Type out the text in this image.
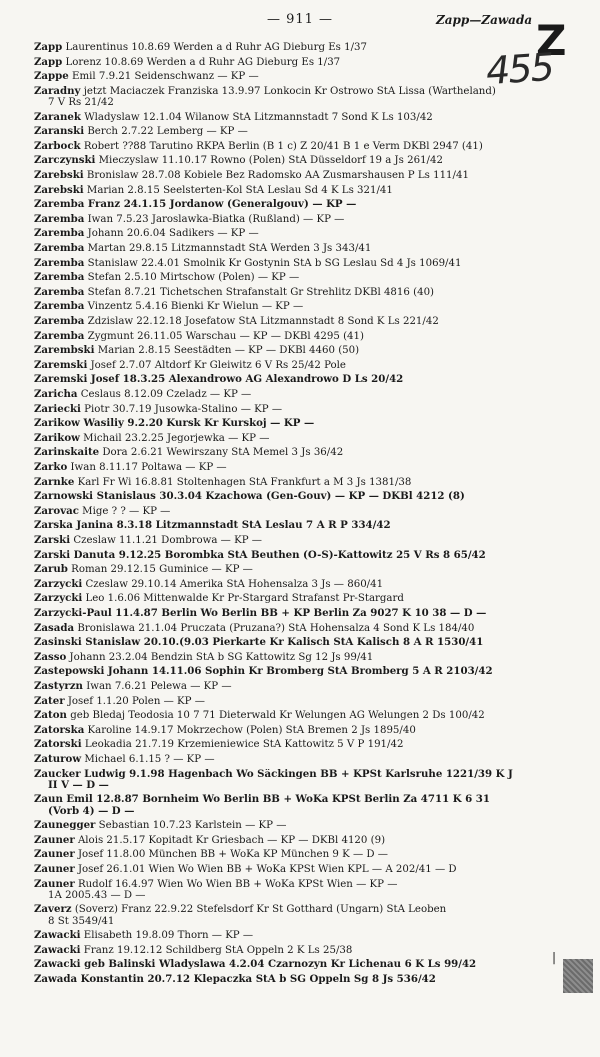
— 911 —	Zapp—Zawada Z
455
Zapp Laurentinus 10.8.69 Werden a d Ruhr AG Dieburg Es 1/37
Zapp Lorenz 10.8.69 Werden a d Ruhr AG Dieburg Es 1/37
Zappe Emil 7.9.21 Seidenschwanz — KP —
Zaradny jetzt Maciaczek Franziska 13.9.97 Lonkocin Kr Ostrowo StA Lissa (Wartheland)
7 V Rs 21/42
Zaranek Wladyslaw 12.1.04 Wilanow StA Litzmannstadt 7 Sond K Ls 103/42
Zaranski Berch 2.7.22 Lemberg — KP —
Zarbock Robert ??88 Tarutino RKPA Berlin (B 1 c) Z 20/41 B 1 e Verm DKBl 2947 (41)
Zarczynski Mieczyslaw 11.10.17 Rowno (Polen) StA Düsseldorf 19 a Js 261/42
Zarebski Bronislaw 28.7.08 Kobiele Bez Radomsko AA Zusmarshausen P Ls 111/41
Zarebski Marian 2.8.15 Seelsterten-Kol StA Leslau Sd 4 K Ls 321/41
Zaremba Franz 24.1.15 Jordanow (Generalgouv) — KP —
Zaremba Iwan 7.5.23 Jaroslawka-Biatka (Rußland) — KP —
Zaremba Johann 20.6.04 Sadikers — KP —
Zaremba Martan 29.8.15 Litzmannstadt StA Werden 3 Js 343/41
Zaremba Stanislaw 22.4.01 Smolnik Kr Gostynin StA b SG Leslau Sd 4 Js 1069/41
Zaremba Stefan 2.5.10 Mirtschow (Polen) — KP —
Zaremba Stefan 8.7.21 Tichetschen Strafanstalt Gr Strehlitz DKBl 4816 (40)
Zaremba Vinzentz 5.4.16 Bienki Kr Wielun — KP —
Zaremba Zdzislaw 22.12.18 Josefatow StA Litzmannstadt 8 Sond K Ls 221/42
Zaremba Zygmunt 26.11.05 Warschau — KP — DKBl 4295 (41)
Zarembski Marian 2.8.15 Seestädten — KP — DKBl 4460 (50)
Zaremski Josef 2.7.07 Altdorf Kr Gleiwitz 6 V Rs 25/42 Pole
Zaremski Josef 18.3.25 Alexandrowo AG Alexandrowo D Ls 20/42
Zaricha Ceslaus 8.12.09 Czeladz — KP —
Zariecki Piotr 30.7.19 Jusowka-Stalino — KP —
Zarikow Wasiliy 9.2.20 Kursk Kr Kurskoj — KP —
Zarikow Michail 23.2.25 Jegorjewka — KP —
Zarinskaite Dora 2.6.21 Wewirszany StA Memel 3 Js 36/42
Zarko Iwan 8.11.17 Poltawa — KP —
Zarnke Karl Fr Wi 16.8.81 Stoltenhagen StA Frankfurt a M 3 Js 1381/38
Zarnowski Stanislaus 30.3.04 Kzachowa (Gen-Gouv) — KP — DKBl 4212 (8)
Zarovac Mige ? ? — KP —
Zarska Janina 8.3.18 Litzmannstadt StA Leslau 7 A R P 334/42
Zarski Czeslaw 11.1.21 Dombrowa — KP —
Zarski Danuta 9.12.25 Borombka StA Beuthen (O-S)-Kattowitz 25 V Rs 8 65/42
Zarub Roman 29.12.15 Guminice — KP —
Zarzycki Czeslaw 29.10.14 Amerika StA Hohensalza 3 Js — 860/41
Zarzycki Leo 1.6.06 Mittenwalde Kr Pr-Stargard Strafanst Pr-Stargard
Zarzycki-Paul 11.4.87 Berlin Wo Berlin BB + KP Berlin Za 9027 K 10 38 — D —
Zasada Bronislawa 21.1.04 Pruczata (Pruzana?) StA Hohensalza 4 Sond K Ls 184/40
Zasinski Stanislaw 20.10.(9.03 Pierkarte Kr Kalisch StA Kalisch 8 A R 1530/41
Zasso Johann 23.2.04 Bendzin StA b SG Kattowitz Sg 12 Js 99/41
Zastepowski Johann 14.11.06 Sophin Kr Bromberg StA Bromberg 5 A R 2103/42
Zastyrzn Iwan 7.6.21 Pelewa — KP —
Zater Josef 1.1.20 Polen — KP —
Zaton geb Bledaj Teodosia 10 7 71 Dieterwald Kr Welungen AG Welungen 2 Ds 100/42
Zatorska Karoline 14.9.17 Mokrzechow (Polen) StA Bremen 2 Js 1895/40
Zatorski Leokadia 21.7.19 Krzemieniewice StA Kattowitz 5 V P 191/42
Zaturow Michael 6.1.15 ? — KP —
Zaucker Ludwig 9.1.98 Hagenbach Wo Säckingen BB + KPSt Karlsruhe 1221/39 K J
II V — D —
Zaun Emil 12.8.87 Bornheim Wo Berlin BB + WoKa KPSt Berlin Za 4711 K 6 31
(Vorb 4) — D —
Zaunegger Sebastian 10.7.23 Karlstein — KP —
Zauner Alois 21.5.17 Kopitadt Kr Griesbach — KP — DKBl 4120 (9)
Zauner Josef 11.8.00 München BB + WoKa KP München 9 K — D —
Zauner Josef 26.1.01 Wien Wo Wien BB + WoKa KPSt Wien KPL — A 202/41 — D
Zauner Rudolf 16.4.97 Wien Wo Wien BB + WoKa KPSt Wien — KP —
1A 2005.43 — D —
Zaverz (Soverz) Franz 22.9.22 Stefelsdorf Kr St Gotthard (Ungarn) StA Leoben
8 St 3549/41
Zawacki Elisabeth 19.8.09 Thorn — KP —
Zawacki Franz 19.12.12 Schildberg StA Oppeln 2 K Ls 25/38
Zawacki geb Balinski Wladyslawa 4.2.04 Czarnozyn Kr Lichenau 6 K Ls 99/42
Zawada Konstantin 20.7.12 Klepaczka StA b SG Oppeln Sg 8 Js 536/42
|
